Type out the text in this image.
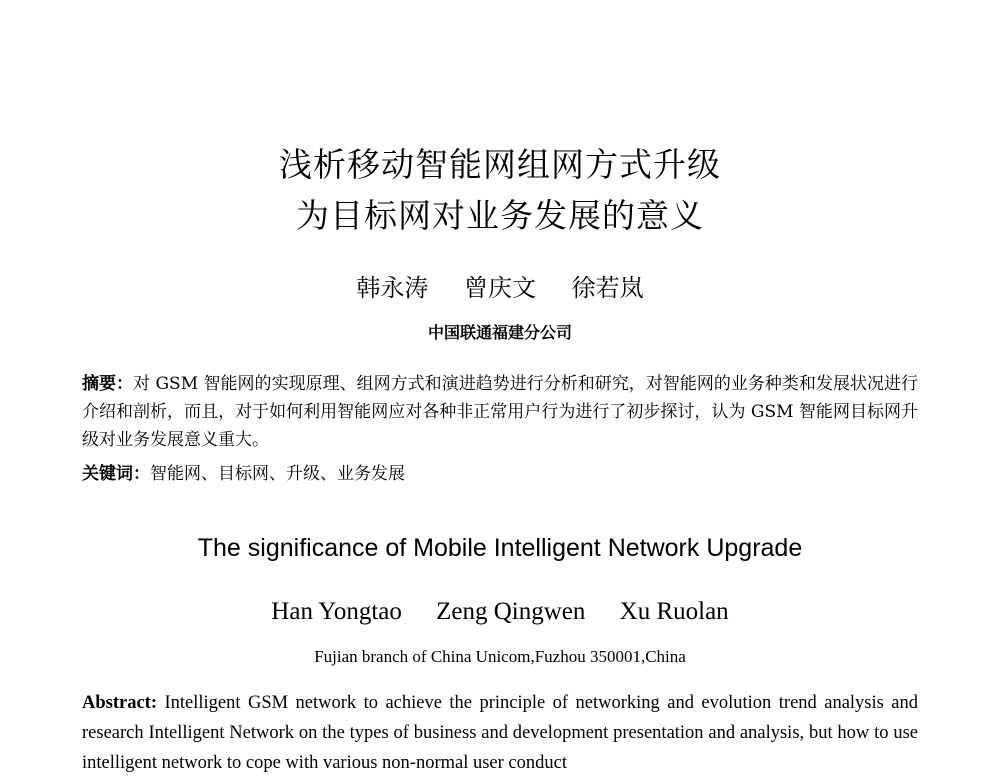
浅析移动智能网组网方式升级
为目标网对业务发展的意义
韩永涛 曾庆文 徐若岚
中国联通福建分公司
摘要：对 GSM 智能网的实现原理、组网方式和演进趋势进行分析和研究，对智能网的业务种类和发展状况进行介绍和剖析，而且，对于如何利用智能网应对各种非正常用户行为进行了初步探讨，认为 GSM 智能网目标网升级对业务发展意义重大。
关键词：智能网、目标网、升级、业务发展
The significance of Mobile Intelligent Network Upgrade
Han Yongtao Zeng Qingwen Xu Ruolan
Fujian branch of China Unicom,Fuzhou 350001,China
Abstract: Intelligent GSM network to achieve the principle of networking and evolution trend analysis and research Intelligent Network on the types of business and development presentation and analysis, but how to use intelligent network to cope with various non-normal user conduct
